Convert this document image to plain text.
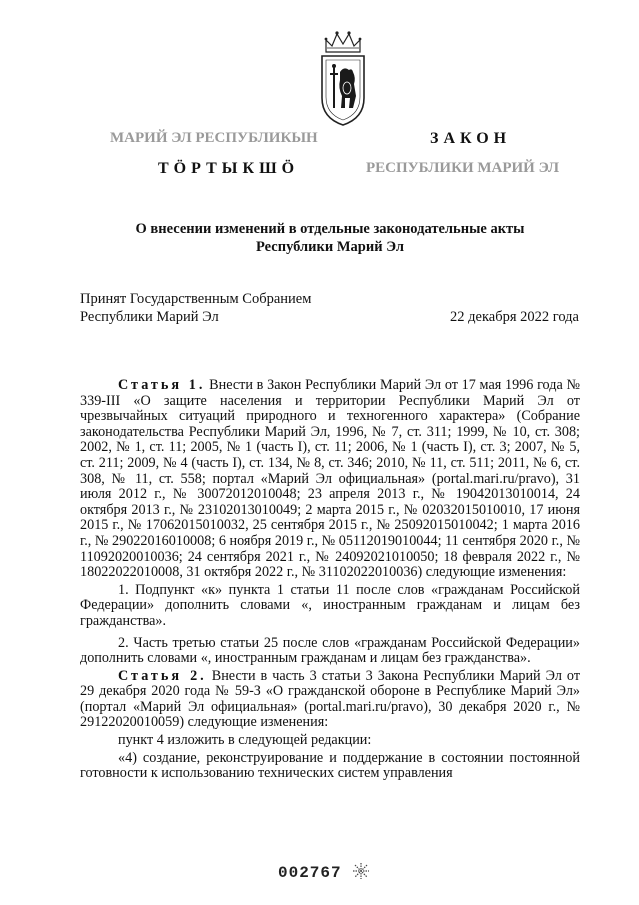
МАРИЙ ЭЛ РЕСПУБЛИКЫН	ЗАКОН
ТӦРТЫКШӦ	РЕСПУБЛИКИ МАРИЙ ЭЛ
О внесении изменений в отдельные законодательные акты
Республики Марий Эл
Принят Государственным Собранием
Республики Марий Эл	22 декабря 2022 года

Статья 1. Внести в Закон Республики Марий Эл от 17 мая 1996 года № 339-III «О защите населения и территории Республики Марий Эл от чрезвычайных ситуаций природного и техногенного характера» (Собрание законодательства Республики Марий Эл, 1996, № 7, ст. 311; 1999, № 10, ст. 308; 2002, № 1, ст. 11; 2005, № 1 (часть I), ст. 11; 2006, № 1 (часть I), ст. 3; 2007, № 5, ст. 211; 2009, № 4 (часть I), ст. 134, № 8, ст. 346; 2010, № 11, ст. 511; 2011, № 6, ст. 308, № 11, ст. 558; портал «Марий Эл официальная» (portal.mari.ru/pravo), 31 июля 2012 г., № 30072012010048; 23 апреля 2013 г., № 19042013010014, 24 октября 2013 г., № 23102013010049; 2 марта 2015 г., № 02032015010010, 17 июня 2015 г., № 17062015010032, 25 сентября 2015 г., № 25092015010042; 1 марта 2016 г., № 29022016010008; 6 ноября 2019 г., № 05112019010044; 11 сентября 2020 г., № 11092020010036; 24 сентября 2021 г., № 24092021010050; 18 февраля 2022 г., № 18022022010008, 31 октября 2022 г., № 31102022010036) следующие изменения:

1. Подпункт «к» пункта 1 статьи 11 после слов «гражданам Российской Федерации» дополнить словами «, иностранным гражданам и лицам без гражданства».

2. Часть третью статьи 25 после слов «гражданам Российской Федерации» дополнить словами «, иностранным гражданам и лицам без гражданства».

Статья 2. Внести в часть 3 статьи 3 Закона Республики Марий Эл от 29 декабря 2020 года № 59-З «О гражданской обороне в Республике Марий Эл» (портал «Марий Эл официальная» (portal.mari.ru/pravo), 30 декабря 2020 г., № 29122020010059) следующие изменения:

пункт 4 изложить в следующей редакции:

«4) создание, реконструирование и поддержание в состоянии постоянной готовности к использованию технических систем управления

002767
